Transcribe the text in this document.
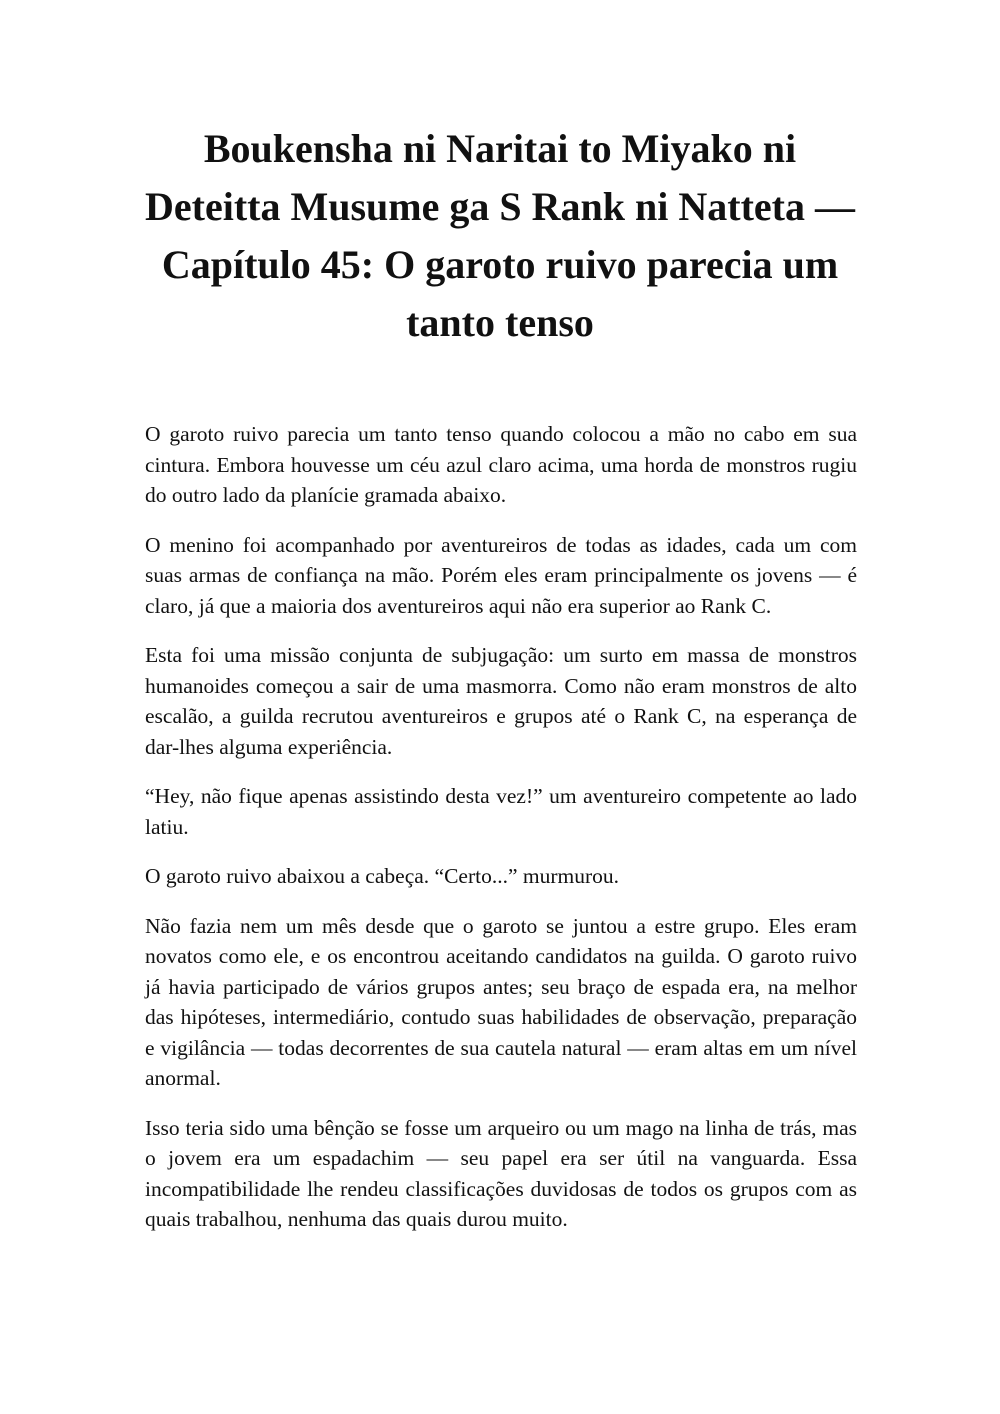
Boukensha ni Naritai to Miyako ni Deteitta Musume ga S Rank ni Natteta — Capítulo 45: O garoto ruivo parecia um tanto tenso

O garoto ruivo parecia um tanto tenso quando colocou a mão no cabo em sua cintura. Embora houvesse um céu azul claro acima, uma horda de monstros rugiu do outro lado da planície gramada abaixo.

O menino foi acompanhado por aventureiros de todas as idades, cada um com suas armas de confiança na mão. Porém eles eram principalmente os jovens — é claro, já que a maioria dos aventureiros aqui não era superior ao Rank C.

Esta foi uma missão conjunta de subjugação: um surto em massa de monstros humanoides começou a sair de uma masmorra. Como não eram monstros de alto escalão, a guilda recrutou aventureiros e grupos até o Rank C, na esperança de dar-lhes alguma experiência.

“Hey, não fique apenas assistindo desta vez!” um aventureiro competente ao lado latiu.

O garoto ruivo abaixou a cabeça. “Certo...” murmurou.

Não fazia nem um mês desde que o garoto se juntou a estre grupo. Eles eram novatos como ele, e os encontrou aceitando candidatos na guilda. O garoto ruivo já havia participado de vários grupos antes; seu braço de espada era, na melhor das hipóteses, intermediário, contudo suas habilidades de observação, preparação e vigilância — todas decorrentes de sua cautela natural — eram altas em um nível anormal.

Isso teria sido uma bênção se fosse um arqueiro ou um mago na linha de trás, mas o jovem era um espadachim — seu papel era ser útil na vanguarda. Essa incompatibilidade lhe rendeu classificações duvidosas de todos os grupos com as quais trabalhou, nenhuma das quais durou muito.
